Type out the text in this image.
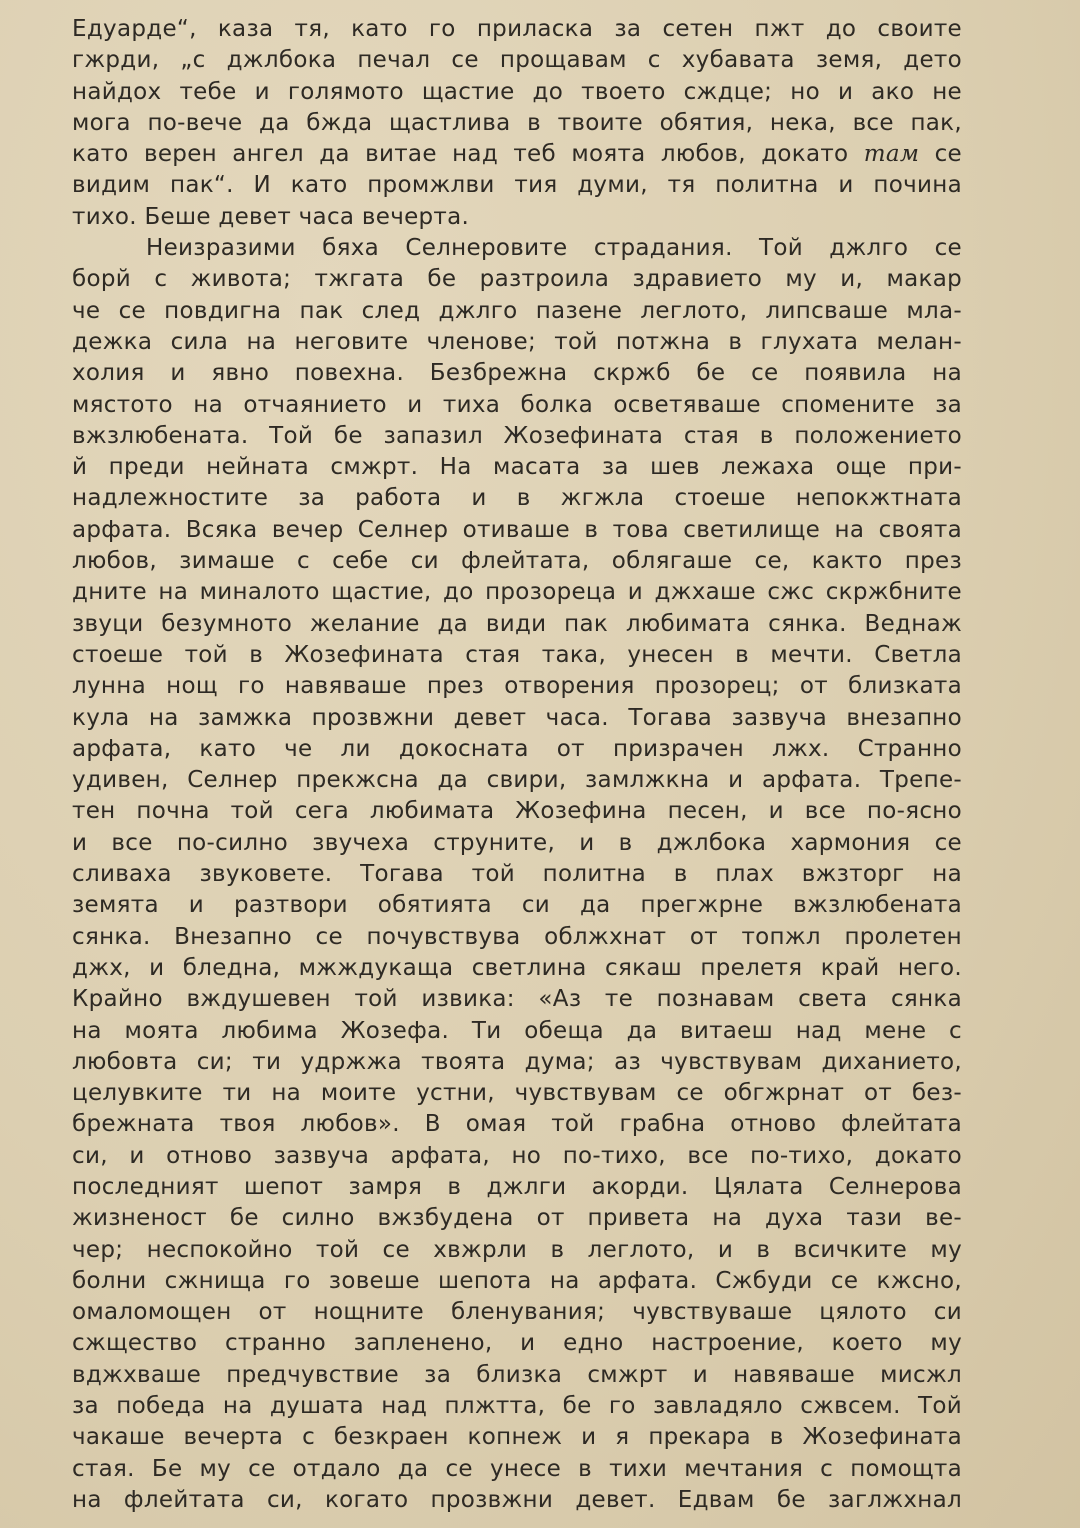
Едуарде“, каза тя, като го приласка за сетен пжт до своите
гжрди, „с джлбока печал се прощавам с хубавата земя, дето
найдох тебе и голямото щастие до твоето сждце; но и ако не
мога по-вече да бжда щастлива в твоите обятия, нека, все пак,
като верен ангел да витае над теб моята любов, докато там се
видим пак“. И като промжлви тия думи, тя политна и почина
тихо. Беше девет часа вечерта.
Неизразими бяха Селнеровите страдания. Той джлго се
борй с живота; тжгата бе разтроила здравието му и, макар
че се повдигна пак след джлго пазене леглото, липсваше мла-
дежка сила на неговите членове; той потжна в глухата мелан-
холия и явно повехна. Безбрежна скржб бе се появила на
мястото на отчаянието и тиха болка осветяваше спомените за
вжзлюбената. Той бе запазил Жозефината стая в положението
й преди нейната смжрт. На масата за шев лежаха още при-
надлежностите за работа и в жгжла стоеше непокжтната
арфата. Всяка вечер Селнер отиваше в това светилище на своята
любов, зимаше с себе си флейтата, облягаше се, както през
дните на миналото щастие, до прозореца и джхаше сжс скржбните
звуци безумното желание да види пак любимата сянка. Веднаж
стоеше той в Жозефината стая така, унесен в мечти. Светла
лунна нощ го навяваше през отворения прозорец; от близката
кула на замжка прозвжни девет часа. Тогава зазвуча внезапно
арфата, като че ли докосната от призрачен лжх. Странно
удивен, Селнер прекжсна да свири, замлжкна и арфата. Трепе-
тен почна той сега любимата Жозефина песен, и все по-ясно
и все по-силно звучеха струните, и в джлбока хармония се
сливаха звуковете. Тогава той политна в плах вжзторг на
земята и разтвори обятията си да прегжрне вжзлюбената
сянка. Внезапно се почувствува облжхнат от топжл пролетен
джх, и бледна, мжждукаща светлина сякаш прелетя край него.
Крайно вждушевен той извика: «Аз те познавам света сянка
на моята любима Жозефа. Ти обеща да витаеш над мене с
любовта си; ти удржжа твоята дума; аз чувствувам диханието,
целувките ти на моите устни, чувствувам се обгжрнат от без-
брежната твоя любов». В омая той грабна отново флейтата
си, и отново зазвуча арфата, но по-тихо, все по-тихо, докато
последният шепот замря в джлги акорди. Цялата Селнерова
жизненост бе силно вжзбудена от привета на духа тази ве-
чер; неспокойно той се хвжрли в леглото, и в всичките му
болни сжнища го зовеше шепота на арфата. Сжбуди се кжсно,
омаломощен от нощните бленувания; чувствуваше цялото си
сжщество странно запленено, и едно настроение, което му
вджхваше предчувствие за близка смжрт и навяваше мисжл
за победа на душата над плжтта, бе го завладяло сжвсем. Той
чакаше вечерта с безкраен копнеж и я прекара в Жозефината
стая. Бе му се отдало да се унесе в тихи мечтания с помощта
на флейтата си, когато прозвжни девет. Едвам бе заглжхнал
